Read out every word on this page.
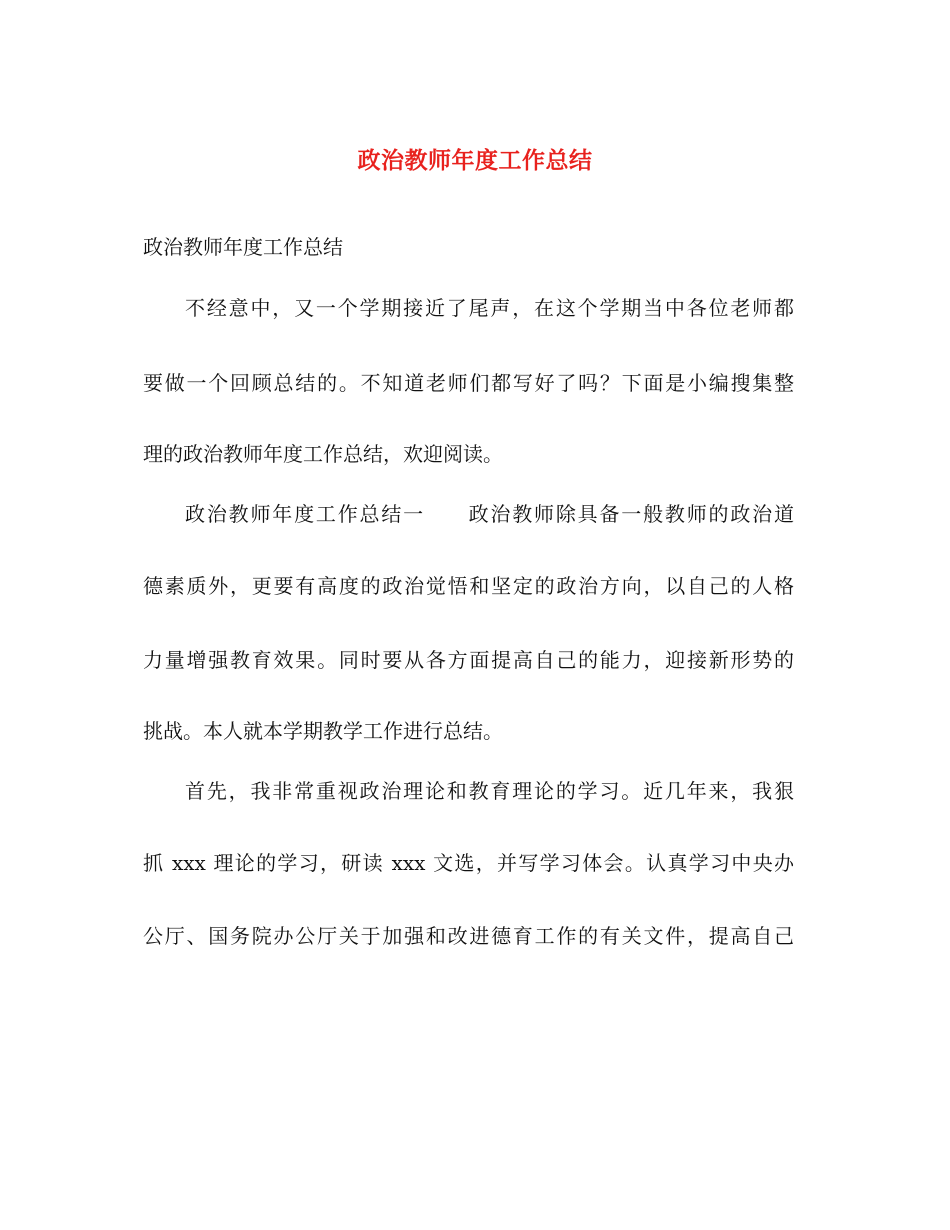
政治教师年度工作总结
政治教师年度工作总结
不经意中，又一个学期接近了尾声，在这个学期当中各位老师都
要做一个回顾总结的。不知道老师们都写好了吗？下面是小编搜集整
理的政治教师年度工作总结，欢迎阅读。
政治教师年度工作总结一　　政治教师除具备一般教师的政治道
德素质外，更要有高度的政治觉悟和坚定的政治方向，以自己的人格
力量增强教育效果。同时要从各方面提高自己的能力，迎接新形势的
挑战。本人就本学期教学工作进行总结。
首先，我非常重视政治理论和教育理论的学习。近几年来，我狠
抓 xxx 理论的学习，研读 xxx 文选，并写学习体会。认真学习中央办
公厅、国务院办公厅关于加强和改进德育工作的有关文件，提高自己
